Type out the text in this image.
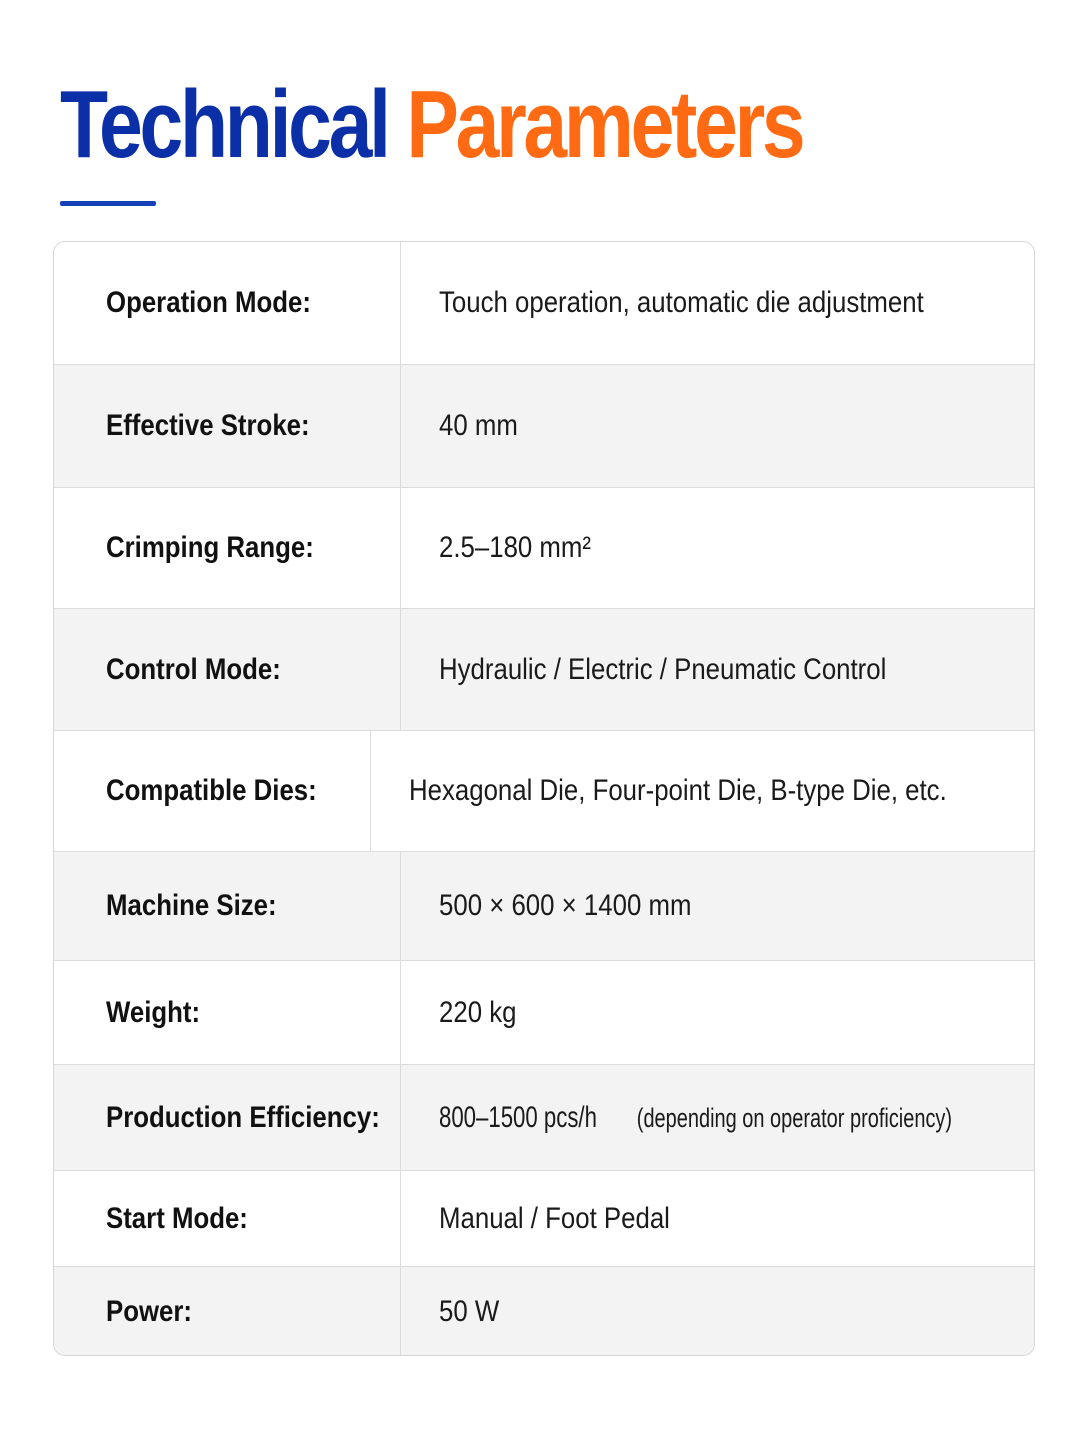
Technical Parameters
Operation Mode:	Touch operation, automatic die adjustment
Effective Stroke:	40 mm
Crimping Range:	2.5–180 mm²
Control Mode:	Hydraulic / Electric / Pneumatic Control
Compatible Dies:	Hexagonal Die, Four-point Die, B-type Die, etc.
Machine Size:	500 × 600 × 1400 mm
Weight:	220 kg
Production Efficiency: 800–1500 pcs/h (depending on operator proficiency)
Start Mode:	Manual / Foot Pedal
Power:	50 W
